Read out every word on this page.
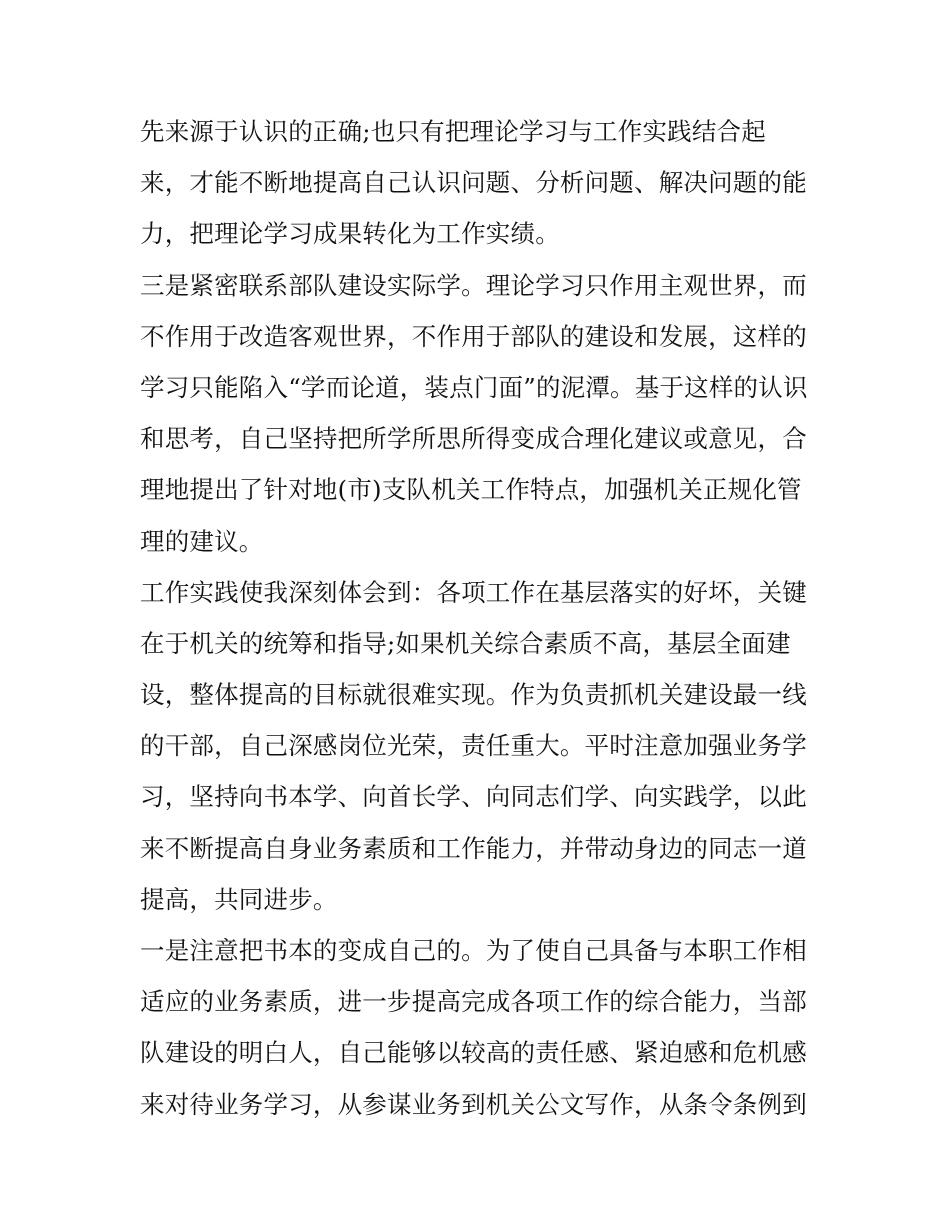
先来源于认识的正确;也只有把理论学习与工作实践结合起
来，才能不断地提高自己认识问题、分析问题、解决问题的能
力，把理论学习成果转化为工作实绩。
三是紧密联系部队建设实际学。理论学习只作用主观世界，而
不作用于改造客观世界，不作用于部队的建设和发展，这样的
学习只能陷入“学而论道，装点门面”的泥潭。基于这样的认识
和思考，自己坚持把所学所思所得变成合理化建议或意见，合
理地提出了针对地(市)支队机关工作特点，加强机关正规化管
理的建议。
工作实践使我深刻体会到：各项工作在基层落实的好坏，关键
在于机关的统筹和指导;如果机关综合素质不高，基层全面建
设，整体提高的目标就很难实现。作为负责抓机关建设最一线
的干部，自己深感岗位光荣，责任重大。平时注意加强业务学
习，坚持向书本学、向首长学、向同志们学、向实践学，以此
来不断提高自身业务素质和工作能力，并带动身边的同志一道
提高，共同进步。
一是注意把书本的变成自己的。为了使自己具备与本职工作相
适应的业务素质，进一步提高完成各项工作的综合能力，当部
队建设的明白人，自己能够以较高的责任感、紧迫感和危机感
来对待业务学习，从参谋业务到机关公文写作，从条令条例到
